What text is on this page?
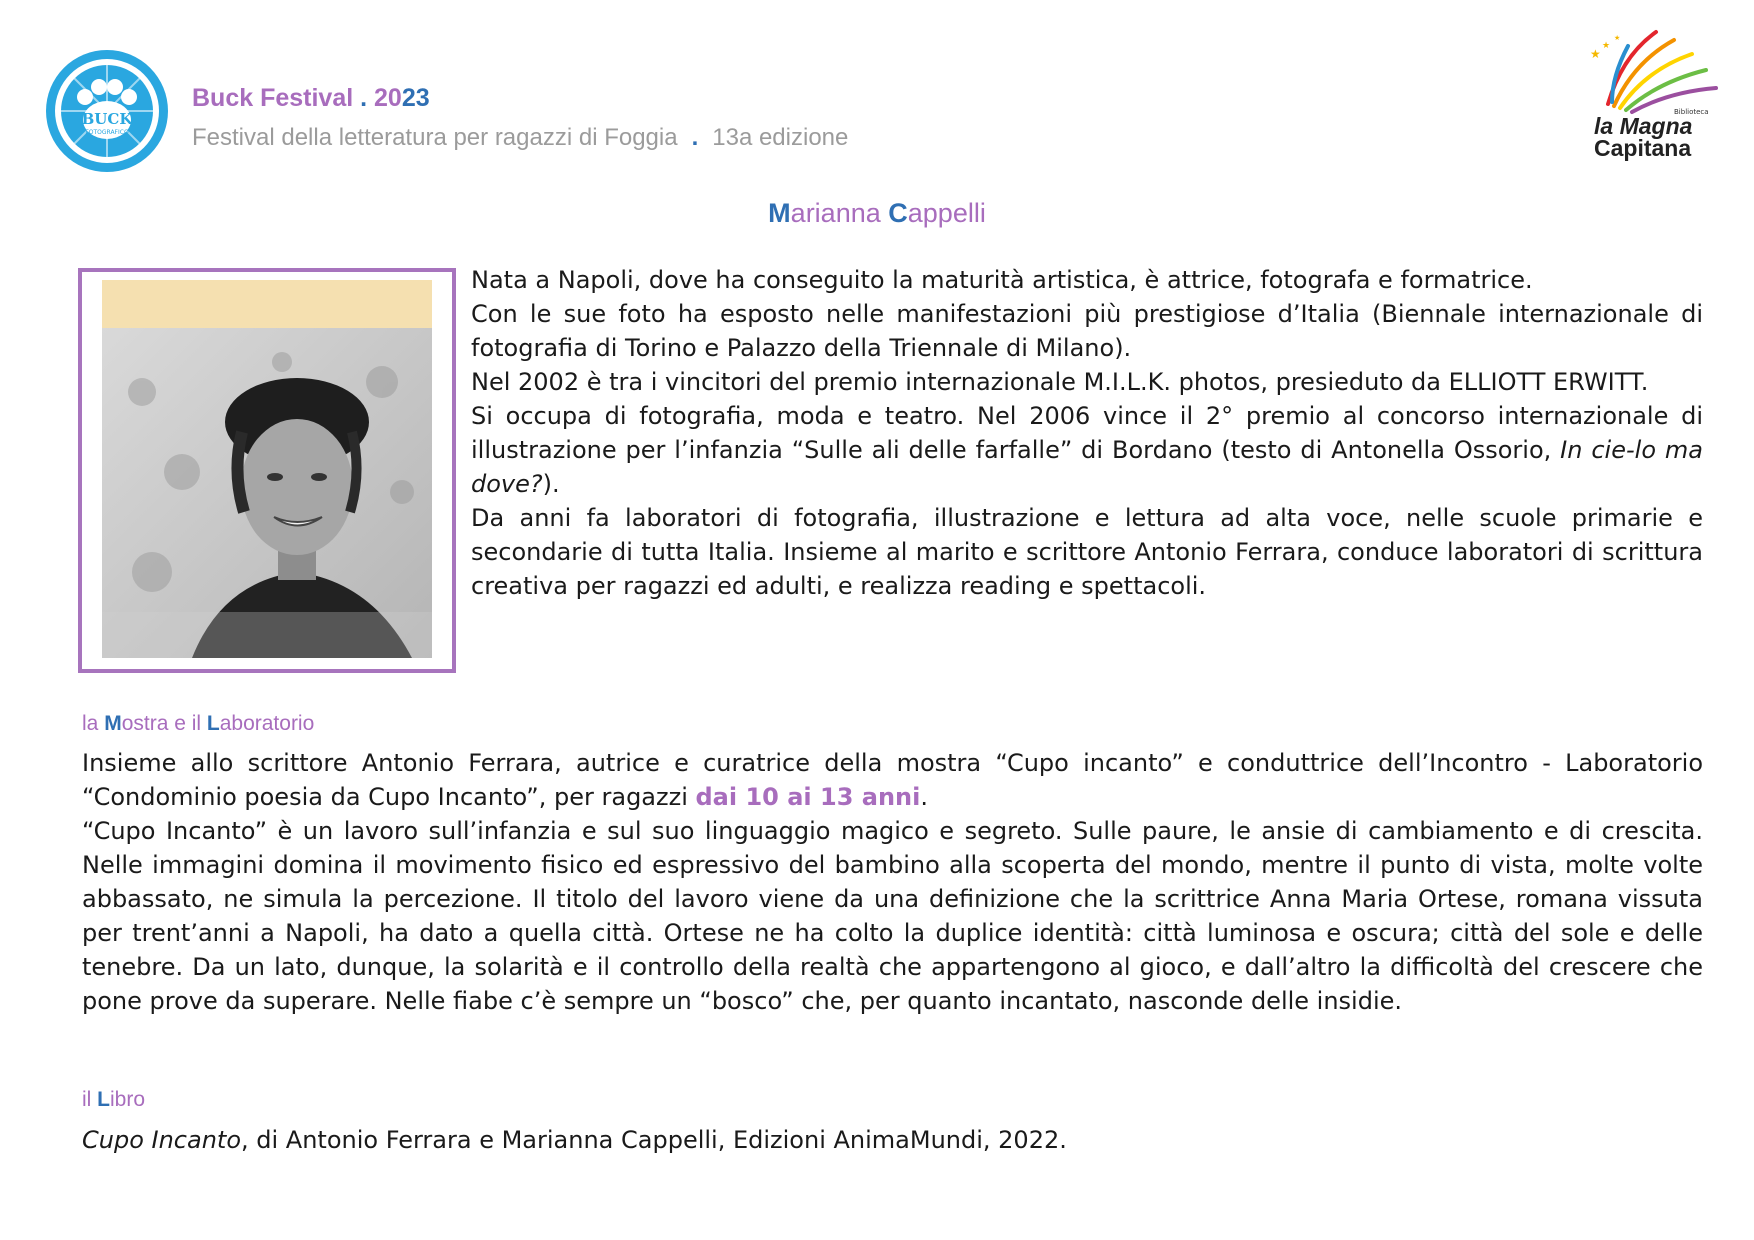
BUCK
FOTOGRAFICO
Buck Festival . 2023
Festival della letteratura per ragazzi di Foggia . 13a edizione
★
★
★
Biblioteca
la Magna
Capitana
Marianna Cappelli

Nata a Napoli, dove ha conseguito la maturità artistica, è attrice, fotografa e formatrice.

Con le sue foto ha esposto nelle manifestazioni più prestigiose d’Italia (Biennale internazionale di fotografia di Torino e Palazzo della Triennale di Milano).

Nel 2002 è tra i vincitori del premio internazionale M.I.L.K. photos, presieduto da ELLIOTT ERWITT.

Si occupa di fotografia, moda e teatro. Nel 2006 vince il 2° premio al concorso internazionale di illustrazione per l’infanzia “Sulle ali delle farfalle” di Bordano (testo di Antonella Ossorio, In cie-lo ma dove?).

Da anni fa laboratori di fotografia, illustrazione e lettura ad alta voce, nelle scuole primarie e secondarie di tutta Italia. Insieme al marito e scrittore Antonio Ferrara, conduce laboratori di scrittura creativa per ragazzi ed adulti, e realizza reading e spettacoli.

la Mostra e il Laboratorio

Insieme allo scrittore Antonio Ferrara, autrice e curatrice della mostra “Cupo incanto” e conduttrice dell’Incontro - Laboratorio “Condominio poesia da Cupo Incanto”, per ragazzi dai 10 ai 13 anni.

“Cupo Incanto” è un lavoro sull’infanzia e sul suo linguaggio magico e segreto. Sulle paure, le ansie di cambiamento e di crescita. Nelle immagini domina il movimento fisico ed espressivo del bambino alla scoperta del mondo, mentre il punto di vista, molte volte abbassato, ne simula la percezione. Il titolo del lavoro viene da una definizione che la scrittrice Anna Maria Ortese, romana vissuta per trent’anni a Napoli, ha dato a quella città. Ortese ne ha colto la duplice identità: città luminosa e oscura; città del sole e delle tenebre. Da un lato, dunque, la solarità e il controllo della realtà che appartengono al gioco, e dall’altro la difficoltà del crescere che pone prove da superare. Nelle fiabe c’è sempre un “bosco” che, per quanto incantato, nasconde delle insidie.

il Libro
Cupo Incanto, di Antonio Ferrara e Marianna Cappelli, Edizioni AnimaMundi, 2022.
